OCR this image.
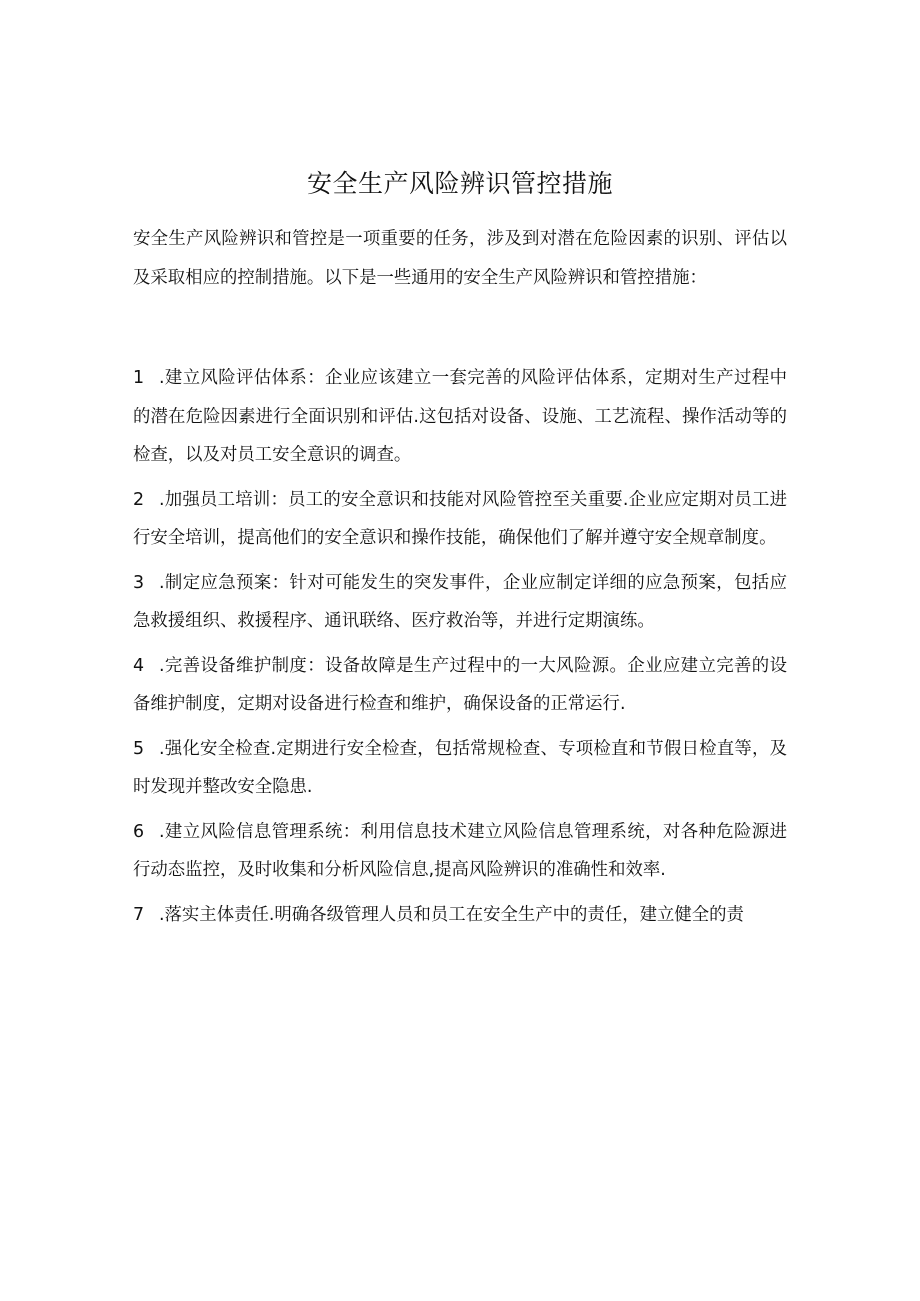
安全生产风险辨识管控措施

安全生产风险辨识和管控是一项重要的任务，涉及到对潜在危险因素的识别、评估以及采取相应的控制措施。以下是一些通用的安全生产风险辨识和管控措施：

1 .建立风险评估体系：企业应该建立一套完善的风险评估体系，定期对生产过程中的潜在危险因素进行全面识别和评估.这包括对设备、设施、工艺流程、操作活动等的检查，以及对员工安全意识的调查。
2 .加强员工培训：员工的安全意识和技能对风险管控至关重要.企业应定期对员工进行安全培训，提高他们的安全意识和操作技能，确保他们了解并遵守安全规章制度。
3 .制定应急预案：针对可能发生的突发事件，企业应制定详细的应急预案，包括应急救援组织、救援程序、通讯联络、医疗救治等，并进行定期演练。
4 .完善设备维护制度：设备故障是生产过程中的一大风险源。企业应建立完善的设备维护制度，定期对设备进行检查和维护，确保设备的正常运行.
5 .强化安全检查.定期进行安全检查，包括常规检查、专项检直和节假日检直等，及时发现并整改安全隐患.
6 .建立风险信息管理系统：利用信息技术建立风险信息管理系统，对各种危险源进行动态监控，及时收集和分析风险信息,提高风险辨识的准确性和效率.
7 .落实主体责任.明确各级管理人员和员工在安全生产中的责任，建立健全的责
